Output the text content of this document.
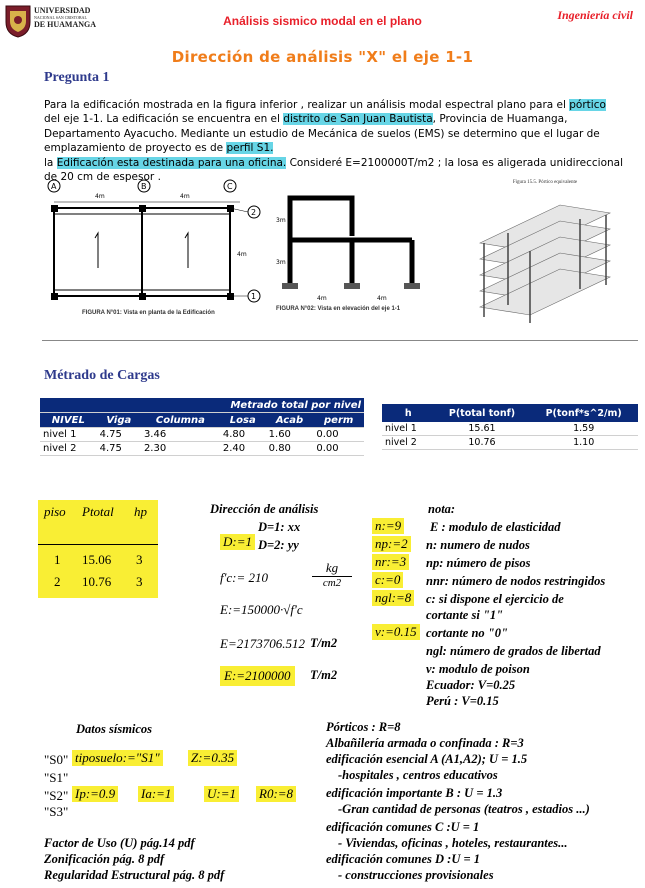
UNIVERSIDAD
NACIONAL SAN CRISTOBAL
DE HUAMANGA	Análisis sismico modal en el plano	Ingeniería civil
Dirección de análisis "X" el eje 1-1
Pregunta 1
Para la edificación mostrada en la figura inferior , realizar un análisis modal espectral plano para el pórtico del eje 1-1. La edificación se encuentra en el distrito de San Juan Bautista, Provincia de Huamanga, Departamento Ayacucho. Mediante un estudio de Mecánica de suelos (EMS) se determino que el lugar de emplazamiento de proyecto es de perfil S1.
la Edificación esta destinada para una oficina. Consideré E=2100000T/m2 ; la losa es aligerada unidireccional de 20 cm de espesor .
A	B	C
2
1
4m	4m
4m
FIGURA N°01: Vista en planta de la Edificación
3m
3m
4m	4m
FIGURA N°02: Vista en elevación del eje 1-1
Figura 15.5. Pórtico equivalente
Métrado de Cargas
Metrado total por nivel					
NIVEL	Viga	Columna	Losa	Acab	perm
nivel 1	4.75	3.46	4.80	1.60	0.00
nivel 2	4.75	2.30	2.40	0.80	0.00
h	P(total tonf)	P(tonf*s^2/m)
nivel 1	15.61	1.59
nivel 2	10.76	1.10
piso Ptotal hp
1 15.06 3
2 10.76 3
Dirección de análisis
D=1: xx
D=2: yy
D:=1
f'c:= 210
kg
cm2
E:=150000·√f'c
E=2173706.512 T/m2
E:=2100000	T/m2
n:=9
np:=2
nr:=3
c:=0
ngl:=8
v:=0.15
nota:
E : modulo de elasticidad
n: numero de nudos
np: número de pisos
nnr: número de nodos restringidos
c: si dispone el ejercicio de
cortante si "1"
cortante no "0"
ngl: número de grados de libertad
v: modulo de poison
Ecuador: V=0.25
Perú : V=0.15
Datos sísmicos
"S0"
"S1"
"S2"
"S3"
tiposuelo:="S1" Z:=0.35
Ip:=0.9 Ia:=1	U:=1 R0:=8
Factor de Uso (U) pág.14 pdf
Zonificación pág. 8 pdf
Regularidad Estructural pág. 8 pdf
Pórticos : R=8
Albañilería armada o confinada : R=3
edificación esencial A (A1,A2); U = 1.5
-hospitales , centros educativos
edificación importante B : U = 1.3
-Gran cantidad de personas (teatros , estadios ...)
edificación comunes C :U = 1
- Viviendas, oficinas , hoteles, restaurantes...
edificación comunes D :U = 1
- construcciones provisionales
